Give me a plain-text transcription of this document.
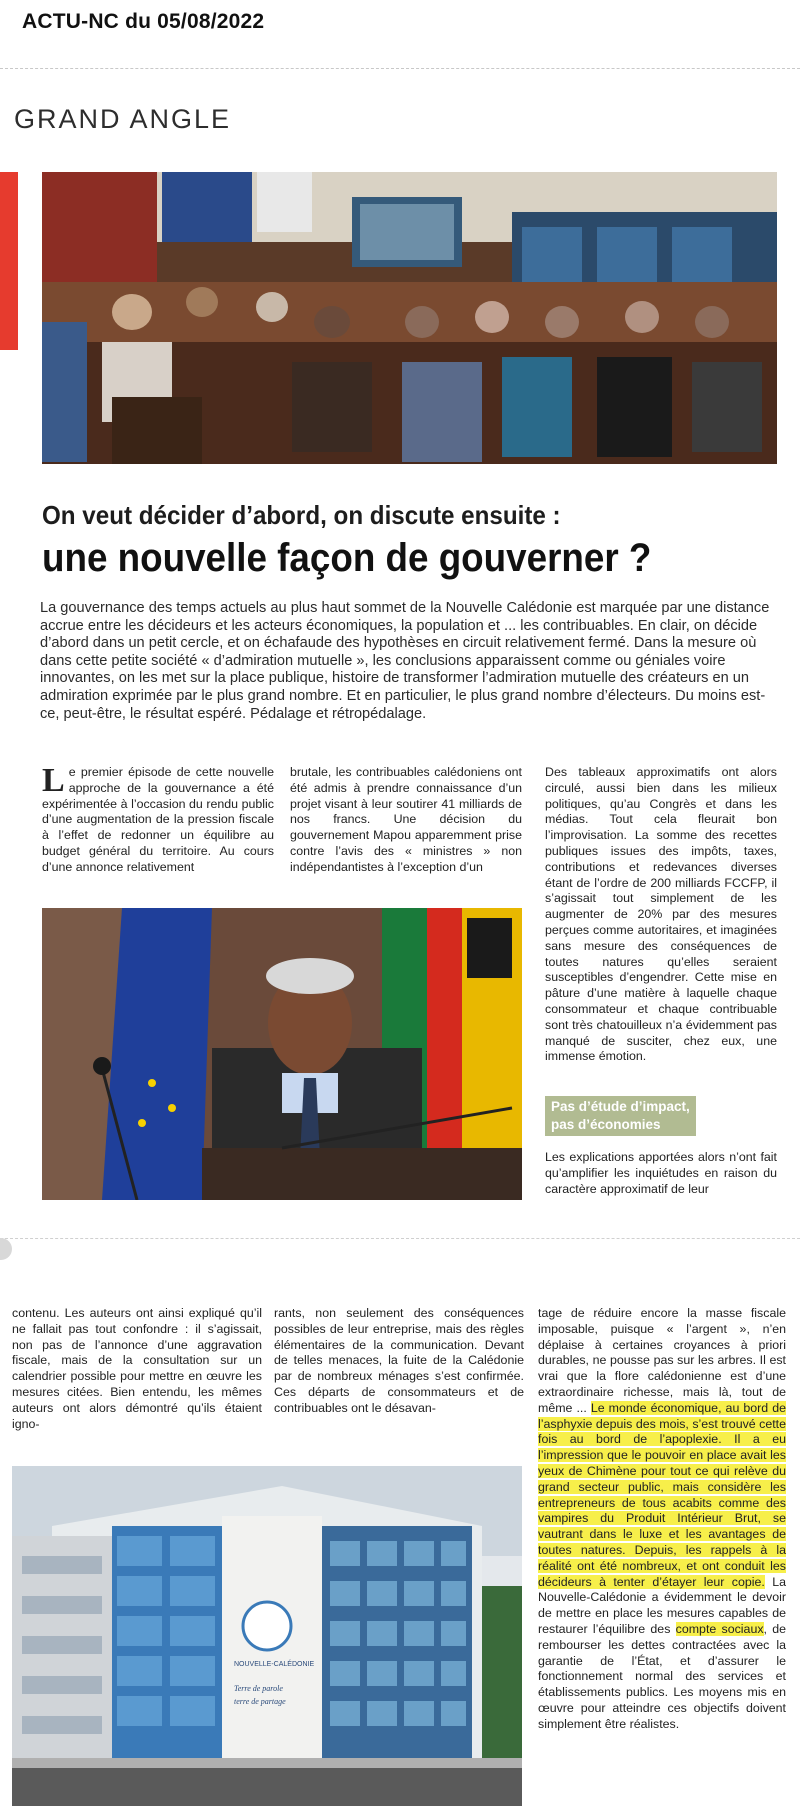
ACTU-NC du 05/08/2022
GRAND ANGLE
On veut décider d’abord, on discute ensuite :
une nouvelle façon de gouverner ?
La gouvernance des temps actuels au plus haut sommet de la Nouvelle Calédonie est marquée par une distance accrue entre les décideurs et les acteurs économiques, la population et ... les contribuables. En clair, on décide d’abord dans un petit cercle, et on échafaude des hypothèses en circuit relativement fermé. Dans la mesure où dans cette petite société « d’admiration mutuelle », les conclusions apparaissent comme ou géniales voire innovantes, on les met sur la place publique, histoire de transformer l’admiration mutuelle des créateurs en un admiration exprimée par le plus grand nombre. Et en particulier, le plus grand nombre d’électeurs. Du moins est-ce, peut-être, le résultat espéré. Pédalage et rétropédalage.
Le premier épisode de cette nouvelle approche de la gouvernance a été expérimentée à l’occasion du rendu public d’une augmentation de la pression fiscale à l’effet de redonner un équilibre au budget général du territoire. Au cours d’une annonce relativement
brutale, les contribuables calédoniens ont été admis à prendre connaissance d’un projet visant à leur soutirer 41 milliards de nos francs. Une décision du gouvernement Mapou apparemment prise contre l’avis des « ministres » non indépendantistes à l’exception d’un
Des tableaux approximatifs ont alors circulé, aussi bien dans les milieux politiques, qu’au Congrès et dans les médias. Tout cela fleurait bon l’improvisation. La somme des recettes publiques issues des impôts, taxes, contributions et redevances diverses étant de l’ordre de 200 milliards FCCFP, il s’agissait tout simplement de les augmenter de 20% par des mesures perçues comme autoritaires, et imaginées sans mesure des conséquences de toutes natures qu’elles seraient susceptibles d’engendrer. Cette mise en pâture d’une matière à laquelle chaque consommateur et chaque contribuable sont très chatouilleux n’a évidemment pas manqué de susciter, chez eux, une immense émotion.
Pas d’étude d’impact,
pas d’économies
Les explications apportées alors n’ont fait qu’amplifier les inquiétudes en raison du caractère approximatif de leur
contenu. Les auteurs ont ainsi expliqué qu’il ne fallait pas tout confondre : il s’agissait, non pas de l’annonce d’une aggravation fiscale, mais de la consultation sur un calendrier possible pour mettre en œuvre les mesures citées. Bien entendu, les mêmes auteurs ont alors démontré qu’ils étaient igno-
rants, non seulement des conséquences possibles de leur entreprise, mais des règles élémentaires de la communication. Devant de telles menaces, la fuite de la Calédonie par de nombreux ménages s’est confirmée. Ces départs de consommateurs et de contribuables ont le désavan-
tage de réduire encore la masse fiscale imposable, puisque « l’argent », n’en déplaise à certaines croyances à priori durables, ne pousse pas sur les arbres. Il est vrai que la flore calédonienne est d’une extraordinaire richesse, mais là, tout de même ... Le monde économique, au bord de l’asphyxie depuis des mois, s’est trouvé cette fois au bord de l’apoplexie. Il a eu l’impression que le pouvoir en place avait les yeux de Chimène pour tout ce qui relève du grand secteur public, mais considère les entrepreneurs de tous acabits comme des vampires du Produit Intérieur Brut, se vautrant dans le luxe et les avantages de toutes natures. Depuis, les rappels à la réalité ont été nombreux, et ont conduit les décideurs à tenter d’étayer leur copie. La Nouvelle-Calédonie a évidemment le devoir de mettre en place les mesures capables de restaurer l’équilibre des compte sociaux, de rembourser les dettes contractées avec la garantie de l’État, et d’assurer le fonctionnement normal des services et établissements publics. Les moyens mis en œuvre pour atteindre ces objectifs doivent simplement être réalistes.
NOUVELLE-CALÉDONIE
Terre de parole
terre de partage
